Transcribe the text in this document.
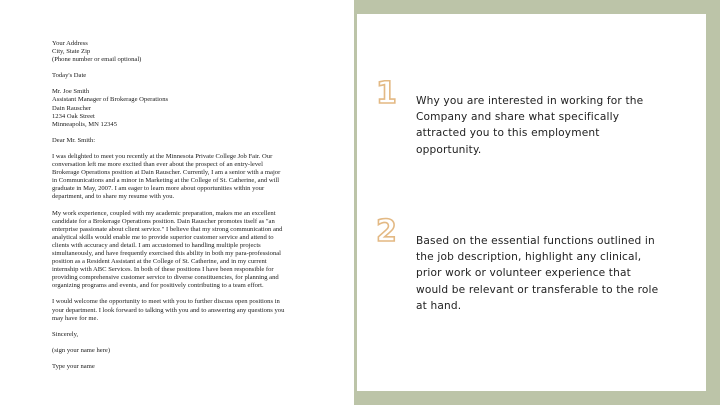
Your Address
City, State Zip
(Phone number or email optional)
Today's Date
Mr. Joe Smith
Assistant Manager of Brokerage Operations
Dain Rauscher
1234 Oak Street
Minneapolis, MN 12345
Dear Mr. Smith:
I was delighted to meet you recently at the Minnesota Private College Job Fair. Our
conversation left me more excited than ever about the prospect of an entry-level
Brokerage Operations position at Dain Rauscher. Currently, I am a senior with a major
in Communications and a minor in Marketing at the College of St. Catherine, and will
graduate in May, 2007. I am eager to learn more about opportunities within your
department, and to share my resume with you.
My work experience, coupled with my academic preparation, makes me an excellent
candidate for a Brokerage Operations position. Dain Rauscher promotes itself as "an
enterprise passionate about client service." I believe that my strong communication and
analytical skills would enable me to provide superior customer service and attend to
clients with accuracy and detail. I am accustomed to handling multiple projects
simultaneously, and have frequently exercised this ability in both my para-professional
position as a Resident Assistant at the College of St. Catherine, and in my current
internship with ABC Services. In both of these positions I have been responsible for
providing comprehensive customer service to diverse constituencies, for planning and
organizing programs and events, and for positively contributing to a team effort.
I would welcome the opportunity to meet with you to further discuss open positions in
your department. I look forward to talking with you and to answering any questions you
may have for me.
Sincerely,
(sign your name here)
Type your name
1 Why you are interested in working for the Company and share what specifically attracted you to this employment opportunity.
2 Based on the essential functions outlined in the job description, highlight any clinical, prior work or volunteer experience that would be relevant or transferable to the role at hand.
